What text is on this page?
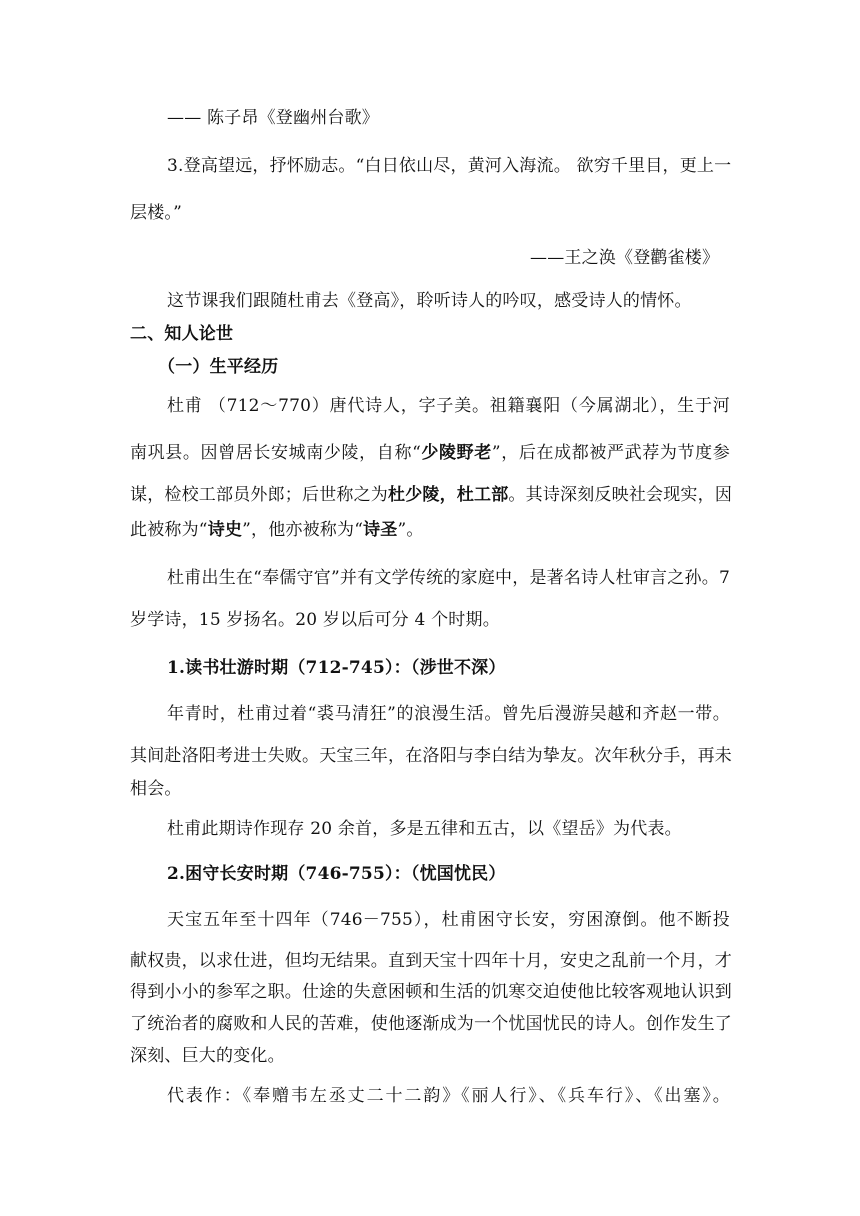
—— 陈子昂《登幽州台歌》
3.登高望远，抒怀励志。“白日依山尽，黄河入海流。 欲穷千里目，更上一
层楼。”
——王之涣《登鹳雀楼》
这节课我们跟随杜甫去《登高》，聆听诗人的吟叹，感受诗人的情怀。
二、知人论世
（一）生平经历
杜甫 （712～770）唐代诗人，字子美。祖籍襄阳（今属湖北），生于河
南巩县。因曾居长安城南少陵，自称“少陵野老”，后在成都被严武荐为节度参
谋，检校工部员外郎；后世称之为杜少陵，杜工部。其诗深刻反映社会现实，因
此被称为“诗史”，他亦被称为“诗圣”。
杜甫出生在“奉儒守官”并有文学传统的家庭中，是著名诗人杜审言之孙。7
岁学诗，15 岁扬名。20 岁以后可分 4 个时期。
1.读书壮游时期（712-745）：（涉世不深）
年青时，杜甫过着“裘马清狂”的浪漫生活。曾先后漫游吴越和齐赵一带。
其间赴洛阳考进士失败。天宝三年，在洛阳与李白结为挚友。次年秋分手，再未
相会。
杜甫此期诗作现存 20 余首，多是五律和五古，以《望岳》为代表。
2.困守长安时期（746-755）：（忧国忧民）
天宝五年至十四年（746－755），杜甫困守长安，穷困潦倒。他不断投
献权贵，以求仕进，但均无结果。直到天宝十四年十月，安史之乱前一个月，才
得到小小的参军之职。仕途的失意困顿和生活的饥寒交迫使他比较客观地认识到
了统治者的腐败和人民的苦难，使他逐渐成为一个忧国忧民的诗人。创作发生了
深刻、巨大的变化。
代表作：《奉赠韦左丞丈二十二韵》《丽人行》、《兵车行》、《出塞》。
